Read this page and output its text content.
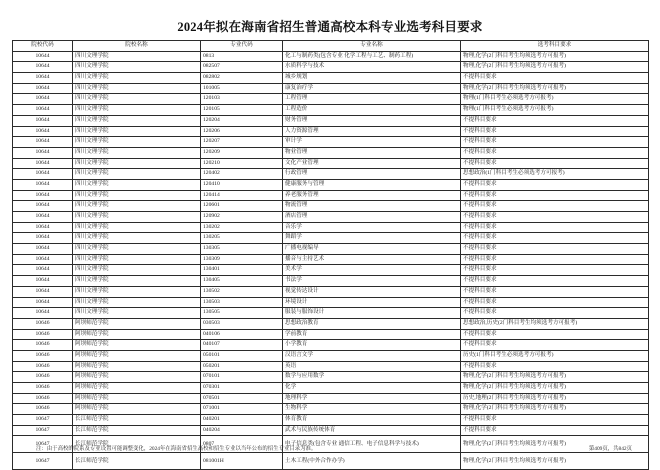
2024年拟在海南省招生普通高校本科专业选考科目要求
院校代码	院校名称	专业代码	专业名称	选考科目要求
10644	四川文理学院	0813	化工与制药类(包含专业 化学工程与工艺、制药工程)	物理,化学(2门科目考生均须选考方可报考)
10644	四川文理学院	082507	水质科学与技术	物理,化学(2门科目考生均须选考方可报考)
10644	四川文理学院	082802	城乡规划	不提科目要求
10644	四川文理学院	101005	康复治疗学	物理,化学(2门科目考生均须选考方可报考)
10644	四川文理学院	120103	工程管理	物理(1门科目考生必须选考方可报考)
10644	四川文理学院	120105	工程造价	物理(1门科目考生必须选考方可报考)
10644	四川文理学院	120204	财务管理	不提科目要求
10644	四川文理学院	120206	人力资源管理	不提科目要求
10644	四川文理学院	120207	审计学	不提科目要求
10644	四川文理学院	120209	物业管理	不提科目要求
10644	四川文理学院	120210	文化产业管理	不提科目要求
10644	四川文理学院	120402	行政管理	思想政治(1门科目考生必须选考方可报考)
10644	四川文理学院	120410	健康服务与管理	不提科目要求
10644	四川文理学院	120414	养老服务管理	不提科目要求
10644	四川文理学院	120601	物流管理	不提科目要求
10644	四川文理学院	120902	酒店管理	不提科目要求
10644	四川文理学院	130202	音乐学	不提科目要求
10644	四川文理学院	130205	舞蹈学	不提科目要求
10644	四川文理学院	130305	广播电视编导	不提科目要求
10644	四川文理学院	130309	播音与主持艺术	不提科目要求
10644	四川文理学院	130401	美术学	不提科目要求
10644	四川文理学院	130405	书法学	不提科目要求
10644	四川文理学院	130502	视觉传达设计	不提科目要求
10644	四川文理学院	130503	环境设计	不提科目要求
10644	四川文理学院	130505	服装与服饰设计	不提科目要求
10646	阿坝师范学院	030503	思想政治教育	思想政治,历史(2门科目考生均须选考方可报考)
10646	阿坝师范学院	040106	学前教育	不提科目要求
10646	阿坝师范学院	040107	小学教育	不提科目要求
10646	阿坝师范学院	050101	汉语言文学	历史(1门科目考生必须选考方可报考)
10646	阿坝师范学院	050201	英语	不提科目要求
10646	阿坝师范学院	070101	数学与应用数学	物理,化学(2门科目考生均须选考方可报考)
10646	阿坝师范学院	070301	化学	物理,化学(2门科目考生均须选考方可报考)
10646	阿坝师范学院	070501	地理科学	历史,地理(2门科目考生均须选考方可报考)
10646	阿坝师范学院	071001	生物科学	物理,化学(2门科目考生均须选考方可报考)
10647	长江师范学院	040201	体育教育	不提科目要求
10647	长江师范学院	040204	武术与民族传统体育	不提科目要求
10647	长江师范学院	0807	电子信息类(包含专业 通信工程、电子信息科学与技术)	物理,化学(2门科目考生均须选考方可报考)
10647	长江师范学院	081001H	土木工程(中外合作办学)	物理,化学(2门科目考生均须选考方可报考)
注：由于高校的院系及专业设置可能调整变化，2024年在海南省招生高校和招生专业以当年公布的招生专业目录为准。	第409页，共842页
